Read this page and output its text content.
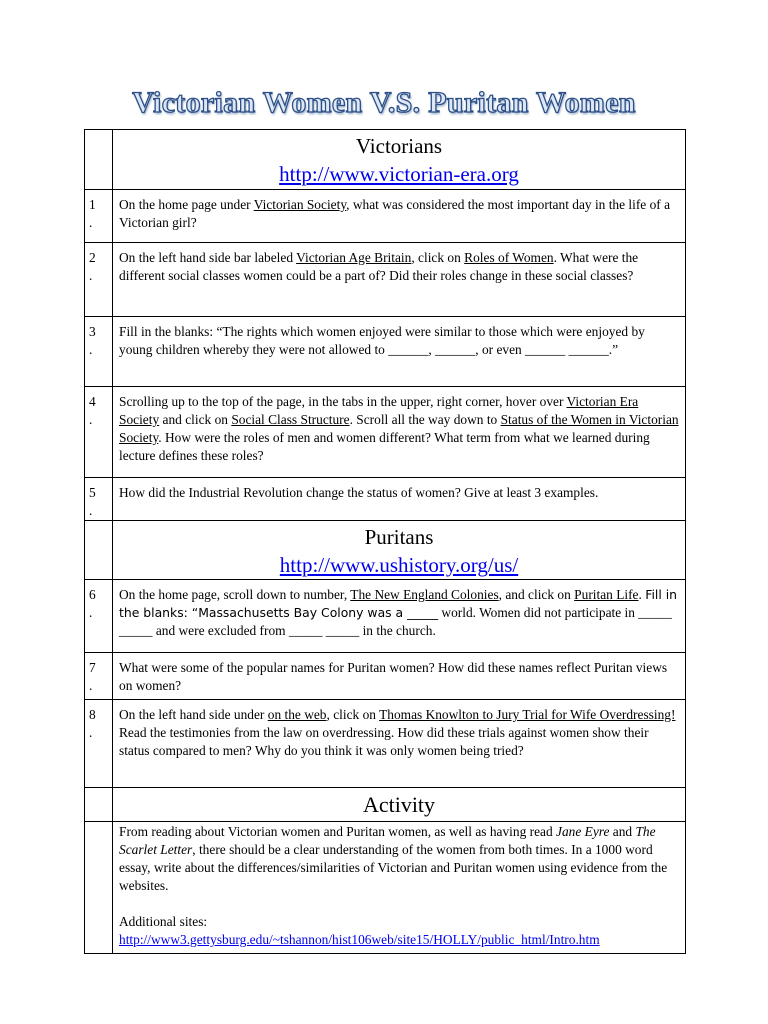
Victorian Women V.S. Puritan Women

	Victorians
http://www.victorian-era.org

1
.	On the home page under Victorian Society, what was considered the most important day in the life of a Victorian girl?

2
.	On the left hand side bar labeled Victorian Age Britain, click on Roles of Women. What were the different social classes women could be a part of? Did their roles change in these social classes?

3
.	Fill in the blanks: “The rights which women enjoyed were similar to those which were enjoyed by young children whereby they were not allowed to ______, ______, or even ______ ______.”

4
.	Scrolling up to the top of the page, in the tabs in the upper, right corner, hover over Victorian Era Society and click on Social Class Structure. Scroll all the way down to Status of the Women in Victorian Society. How were the roles of men and women different? What term from what we learned during lecture defines these roles?

5
.	How did the Industrial Revolution change the status of women? Give at least 3 examples.

	Puritans
http://www.ushistory.org/us/

6
.	On the home page, scroll down to number, The New England Colonies, and click on Puritan Life. Fill in the blanks: “Massachusetts Bay Colony was a _____ world. Women did not participate in _____ _____ and were excluded from _____ _____ in the church.

7
.	What were some of the popular names for Puritan women? How did these names reflect Puritan views on women?

8
.	On the left hand side under on the web, click on Thomas Knowlton to Jury Trial for Wife Overdressing! Read the testimonies from the law on overdressing. How did these trials against women show their status compared to men? Why do you think it was only women being tried?

	Activity

	From reading about Victorian women and Puritan women, as well as having read Jane Eyre and The Scarlet Letter, there should be a clear understanding of the women from both times. In a 1000 word essay, write about the differences/similarities of Victorian and Puritan women using evidence from the websites.
Additional sites:
http://www3.gettysburg.edu/~tshannon/hist106web/site15/HOLLY/public_html/Intro.htm
